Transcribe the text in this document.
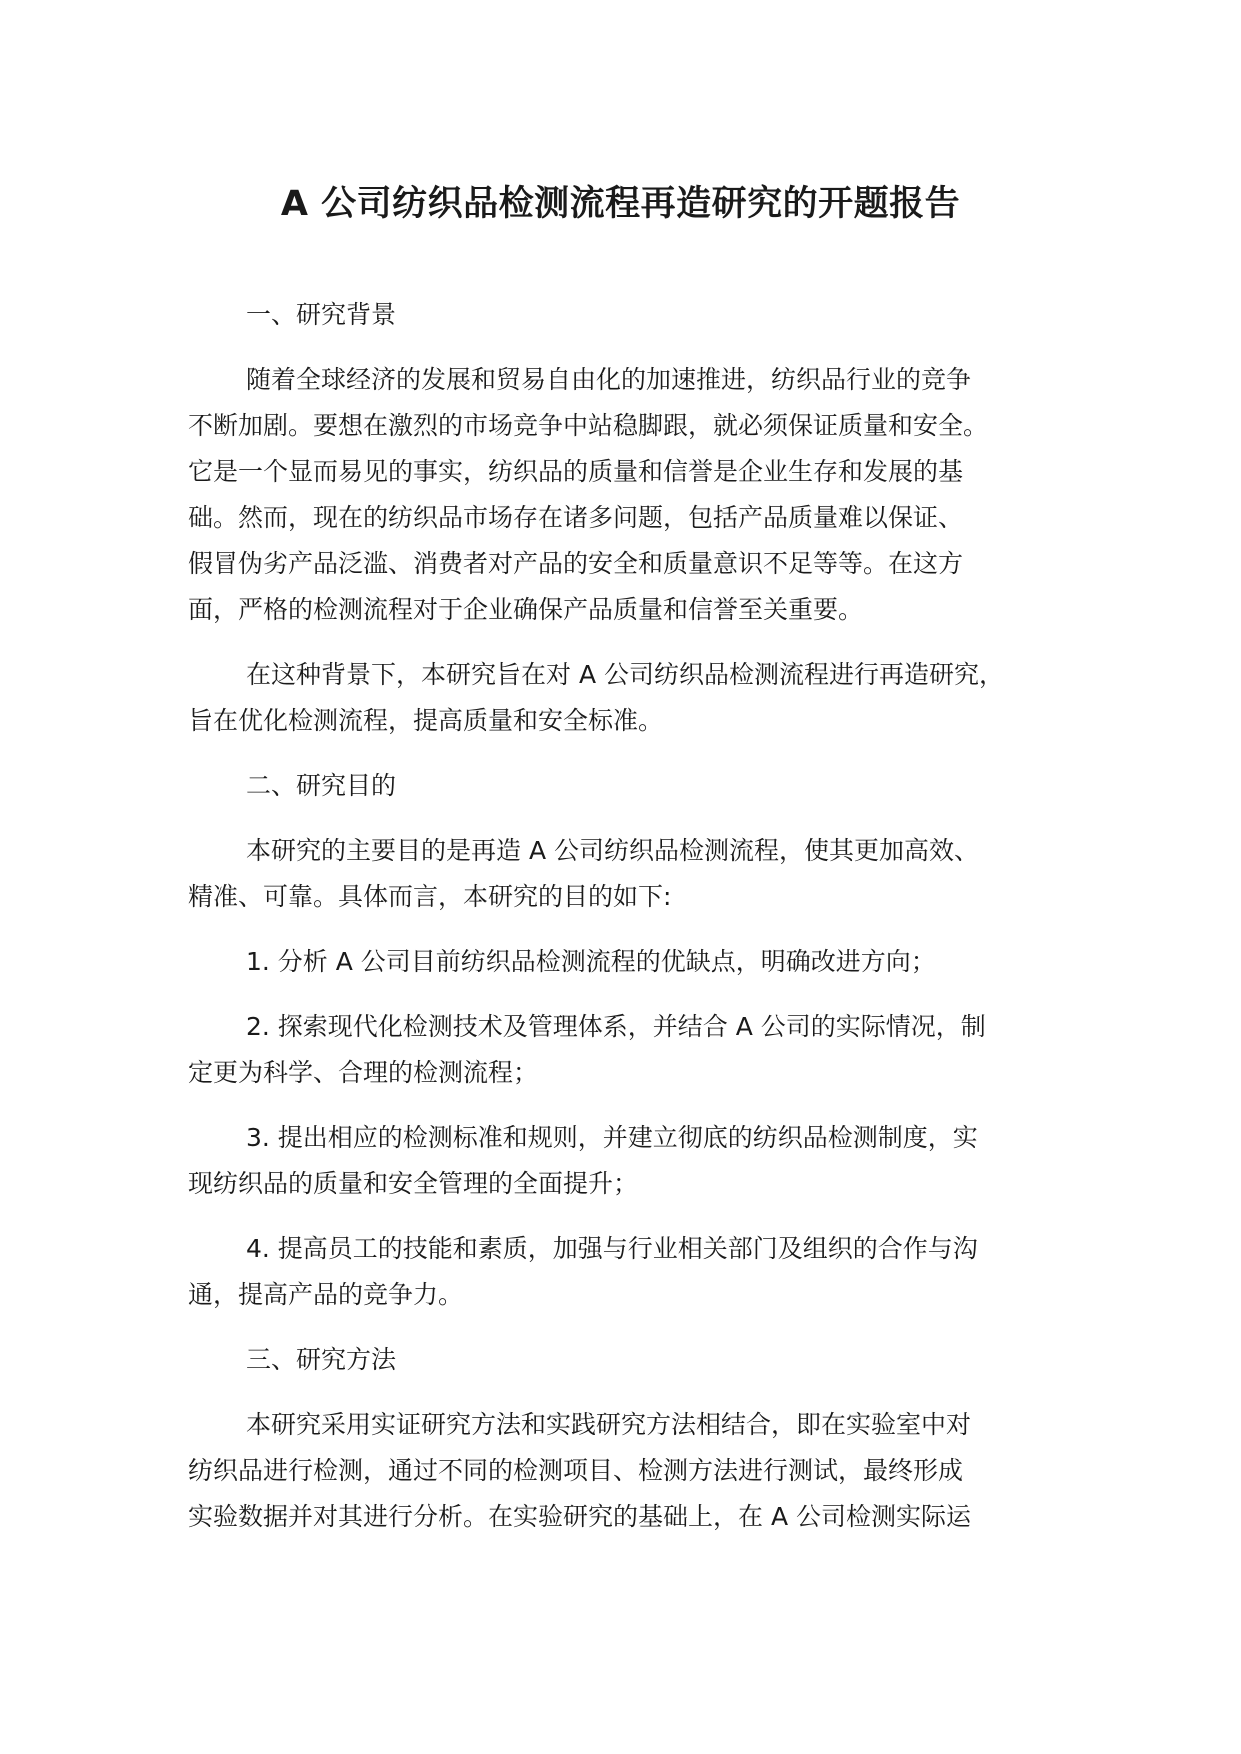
A 公司纺织品检测流程再造研究的开题报告

一、研究背景

随着全球经济的发展和贸易自由化的加速推进，纺织品行业的竞争
不断加剧。要想在激烈的市场竞争中站稳脚跟，就必须保证质量和安全。
它是一个显而易见的事实，纺织品的质量和信誉是企业生存和发展的基
础。然而，现在的纺织品市场存在诸多问题，包括产品质量难以保证、
假冒伪劣产品泛滥、消费者对产品的安全和质量意识不足等等。在这方
面，严格的检测流程对于企业确保产品质量和信誉至关重要。

在这种背景下，本研究旨在对 A 公司纺织品检测流程进行再造研究，
旨在优化检测流程，提高质量和安全标准。

二、研究目的

本研究的主要目的是再造 A 公司纺织品检测流程，使其更加高效、
精准、可靠。具体而言，本研究的目的如下:

1. 分析 A 公司目前纺织品检测流程的优缺点，明确改进方向；

2. 探索现代化检测技术及管理体系，并结合 A 公司的实际情况，制
定更为科学、合理的检测流程；

3. 提出相应的检测标准和规则，并建立彻底的纺织品检测制度，实
现纺织品的质量和安全管理的全面提升；

4. 提高员工的技能和素质，加强与行业相关部门及组织的合作与沟
通，提高产品的竞争力。

三、研究方法

本研究采用实证研究方法和实践研究方法相结合，即在实验室中对
纺织品进行检测，通过不同的检测项目、检测方法进行测试，最终形成
实验数据并对其进行分析。在实验研究的基础上，在 A 公司检测实际运
